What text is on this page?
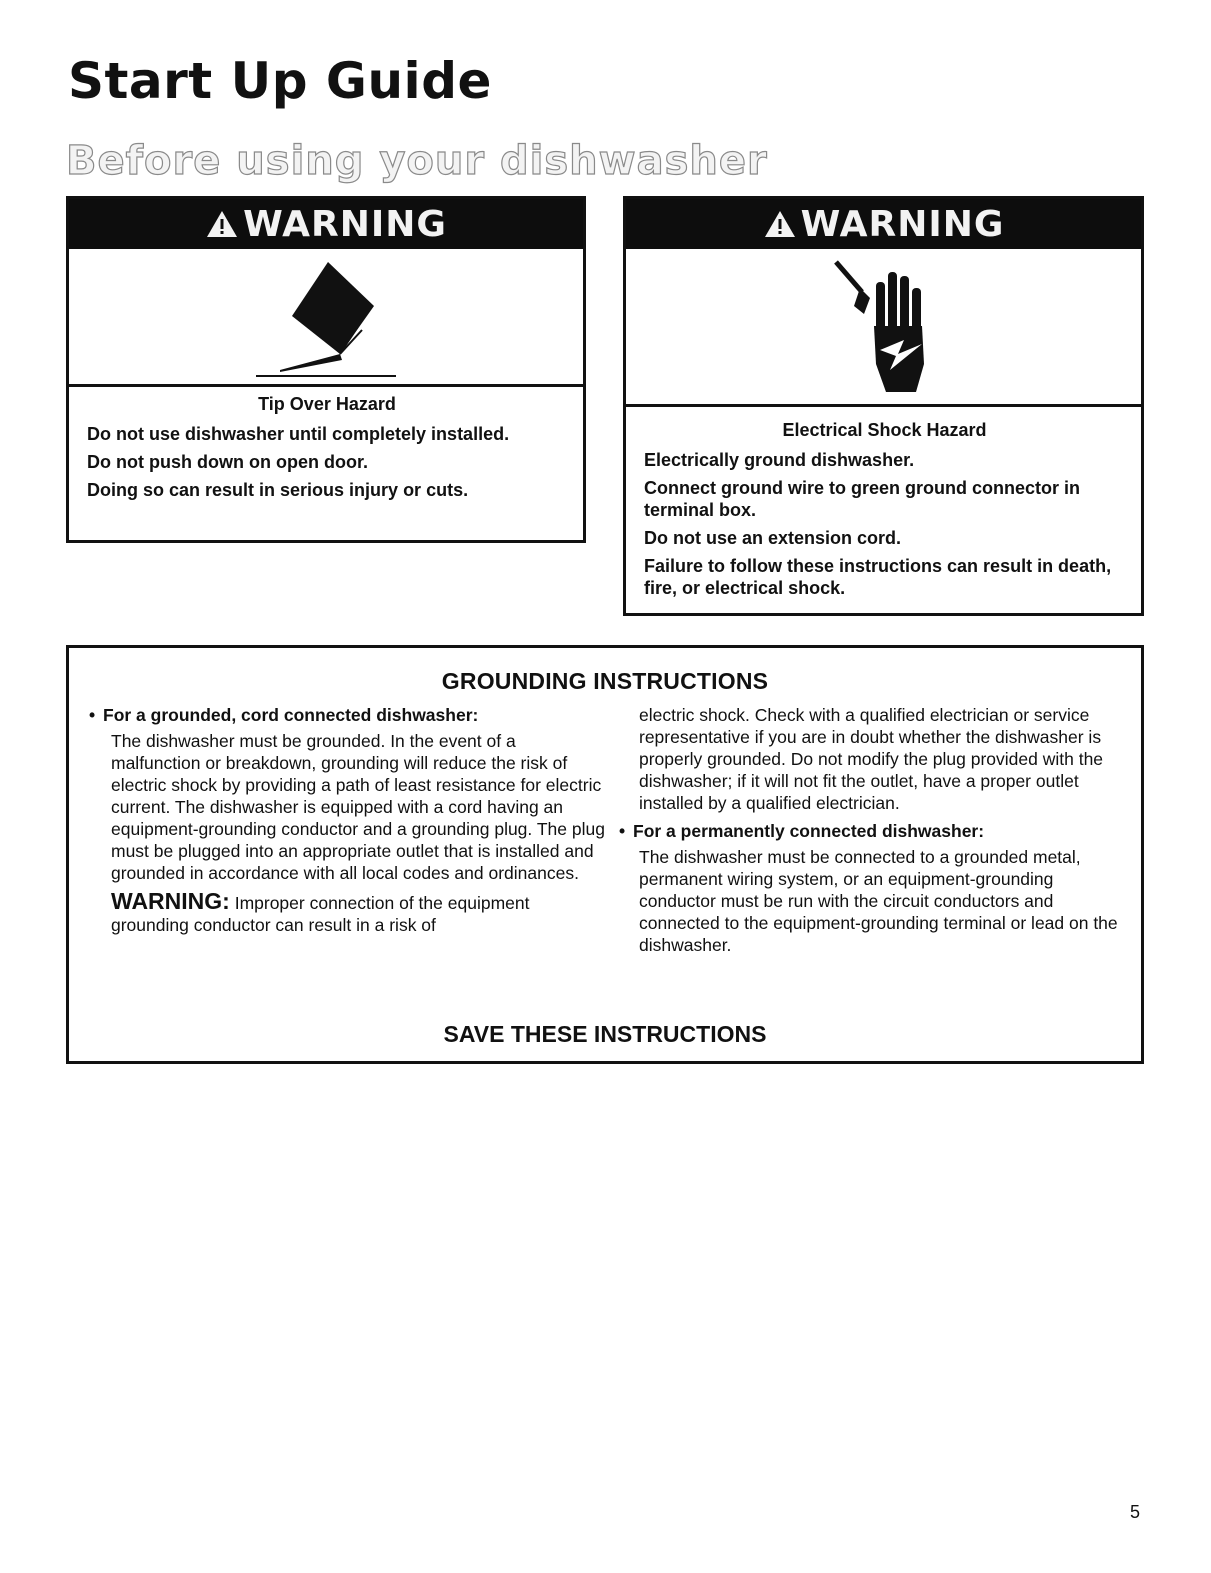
Start Up Guide
Before using your dishwasher
WARNING

Tip Over Hazard

Do not use dishwasher until completely installed.

Do not push down on open door.

Doing so can result in serious injury or cuts.

WARNING

Electrical Shock Hazard

Electrically ground dishwasher.

Connect ground wire to green ground connector in terminal box.

Do not use an extension cord.

Failure to follow these instructions can result in death, fire, or electrical shock.

GROUNDING INSTRUCTIONS

• For a grounded, cord connected dishwasher:

The dishwasher must be grounded. In the event of a malfunction or breakdown, grounding will reduce the risk of electric shock by providing a path of least resistance for electric current. The dishwasher is equipped with a cord having an equipment-grounding conductor and a grounding plug. The plug must be plugged into an appropriate outlet that is installed and grounded in accordance with all local codes and ordinances.

WARNING: Improper connection of the equipment grounding conductor can result in a risk of

electric shock. Check with a qualified electrician or service representative if you are in doubt whether the dishwasher is properly grounded. Do not modify the plug provided with the dishwasher; if it will not fit the outlet, have a proper outlet installed by a qualified electrician.

• For a permanently connected dishwasher:

The dishwasher must be connected to a grounded metal, permanent wiring system, or an equipment-grounding conductor must be run with the circuit conductors and connected to the equipment-grounding terminal or lead on the dishwasher.

SAVE THESE INSTRUCTIONS

5
